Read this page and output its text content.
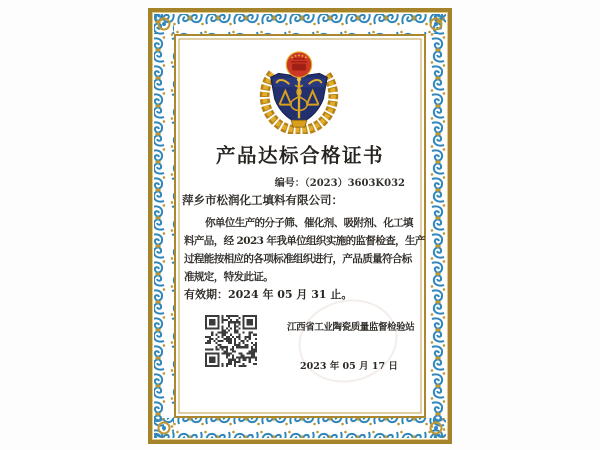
产品达标合格证书
编号：（2023）3603K032
萍乡市松润化工填料有限公司：
你单位生产的分子筛、催化剂、吸附剂、化工填
料产品，经 2023 年我单位组织实施的监督检查，生产
过程能按相应的各项标准组织进行，产品质量符合标
准规定，特发此证。
有效期：2024 年 05 月 31 止。
江西省工业陶瓷质量监督检验站
2023 年 05 月 17 日
